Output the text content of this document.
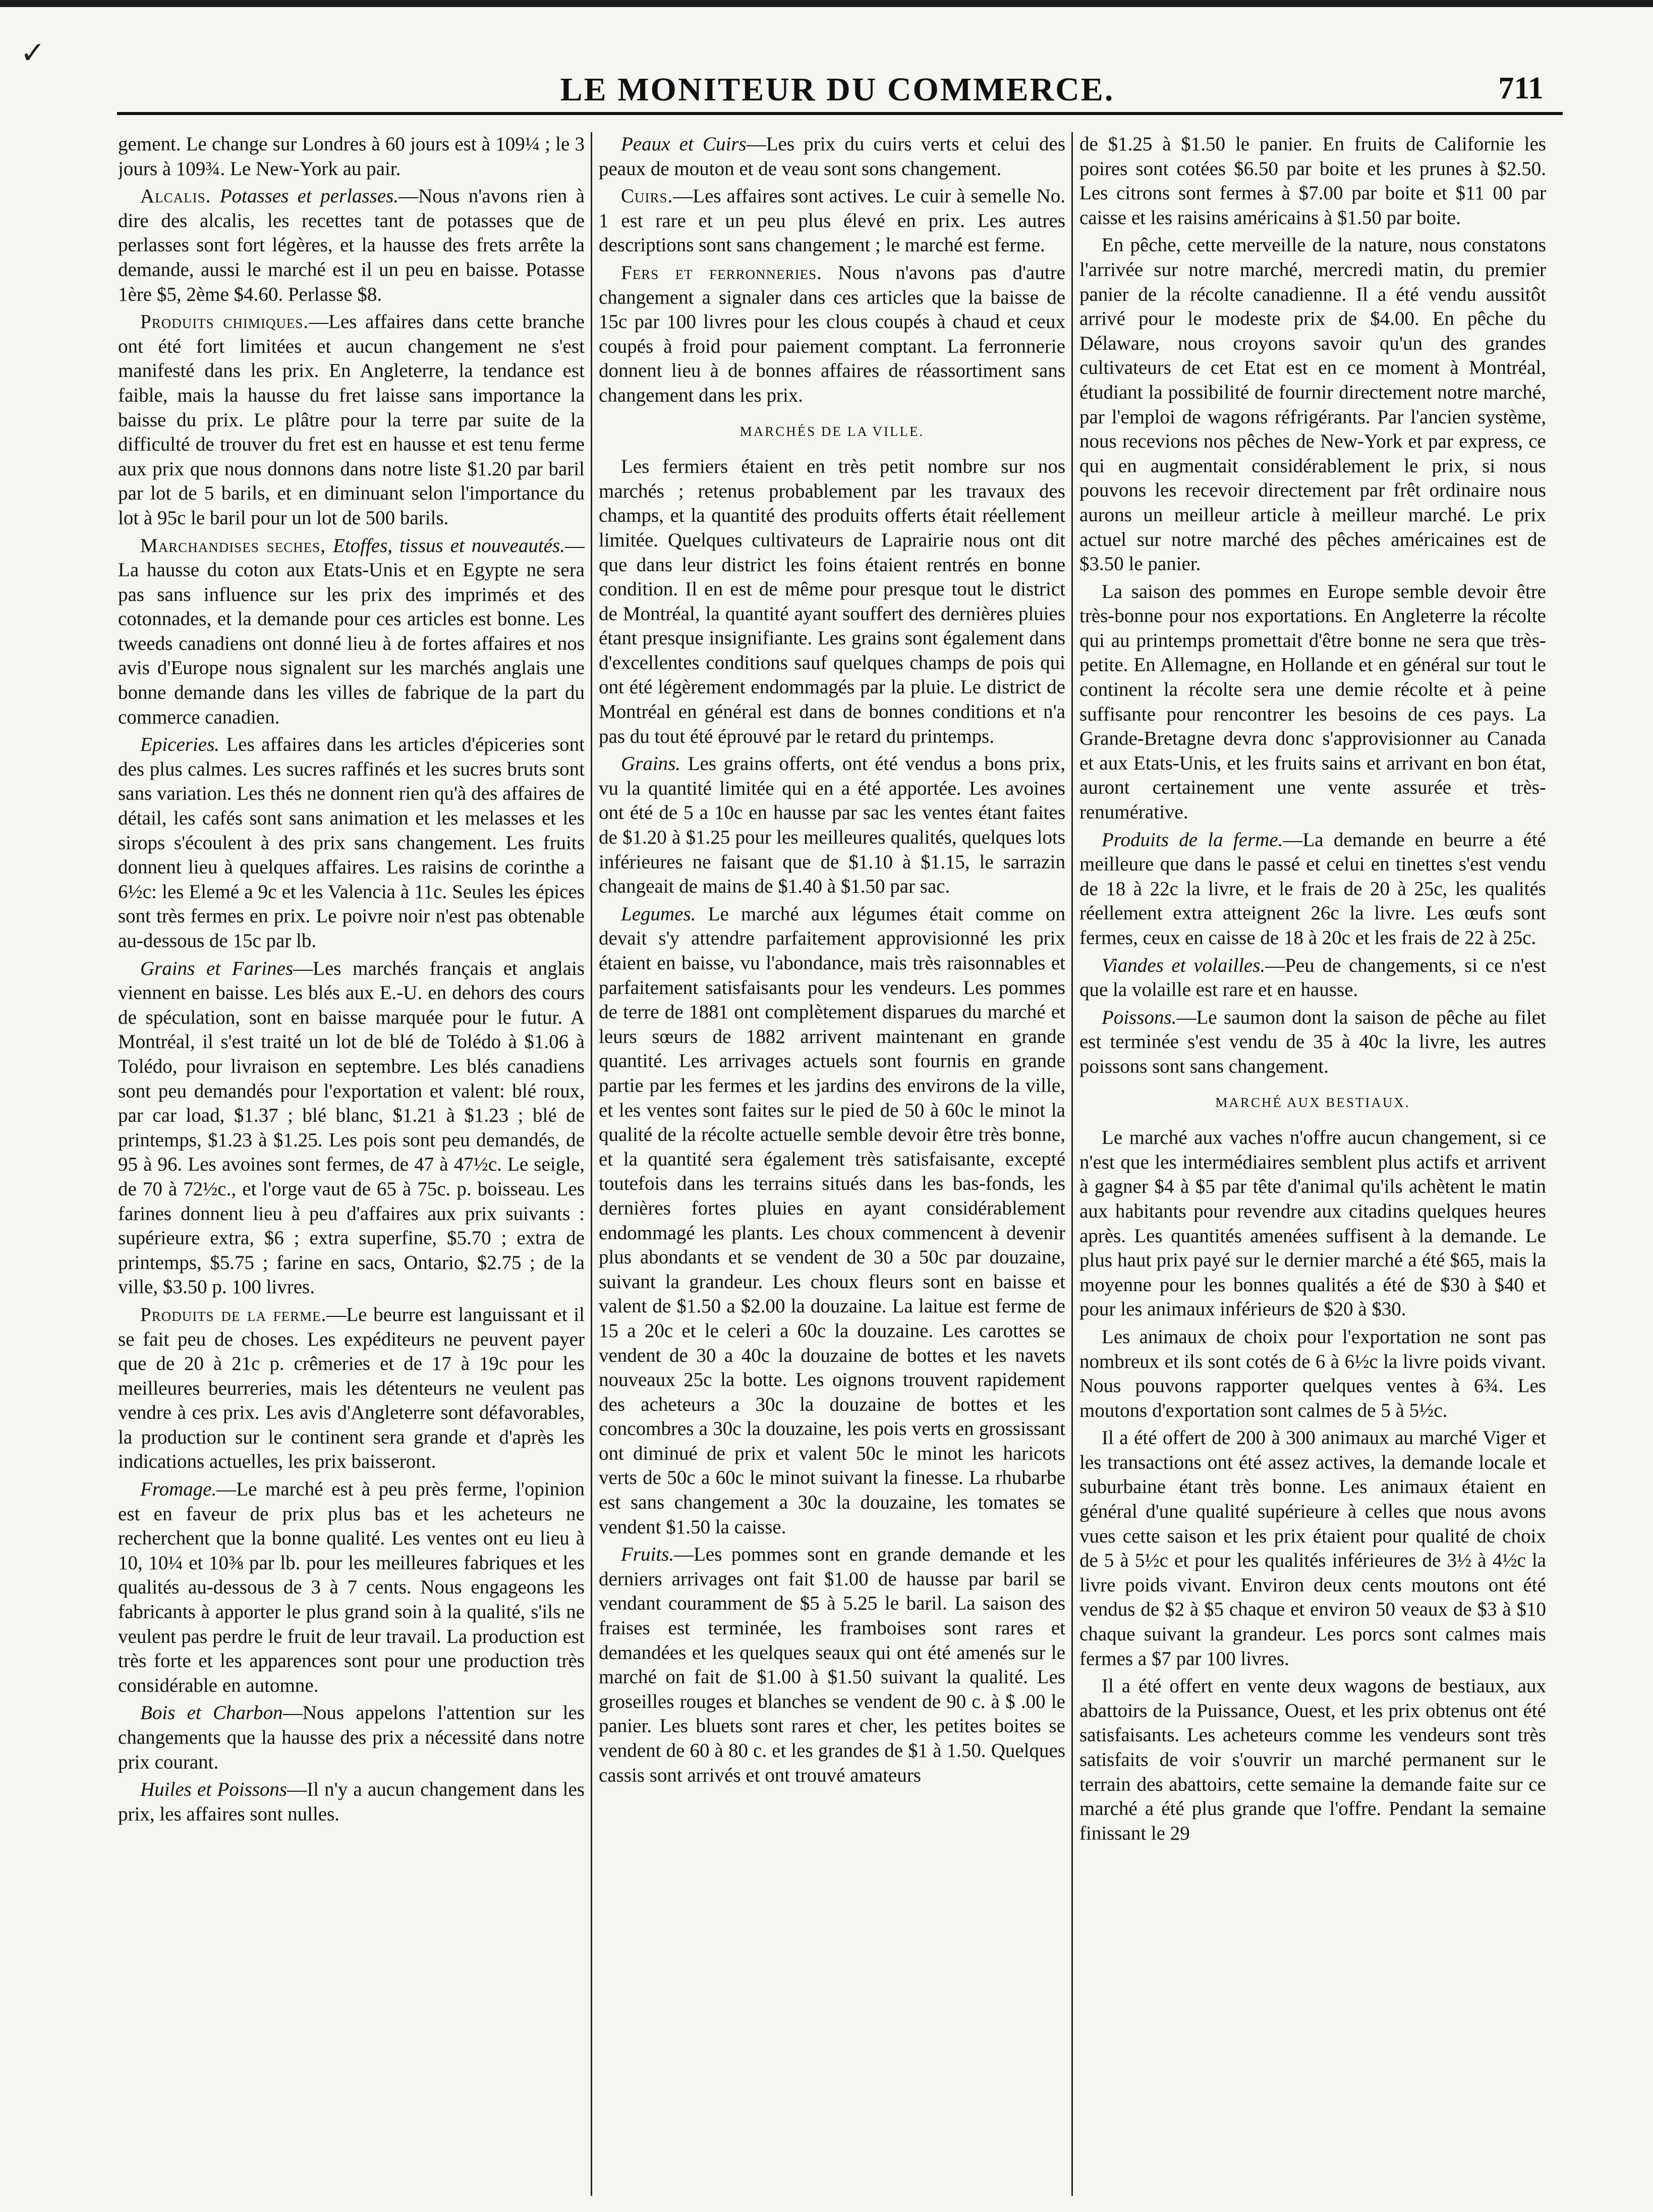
✓
LE MONITEUR DU COMMERCE.	711

gement. Le change sur Londres à 60 jours est à 109¼ ; le 3 jours à 109¾. Le New-York au pair.

Alcalis. Potasses et perlasses.—Nous n'avons rien à dire des alcalis, les recettes tant de potasses que de perlasses sont fort légères, et la hausse des frets arrête la demande, aussi le marché est il un peu en baisse. Potasse 1ère $5, 2ème $4.60. Perlasse $8.

Produits chimiques.—Les affaires dans cette branche ont été fort limitées et aucun changement ne s'est manifesté dans les prix. En Angleterre, la tendance est faible, mais la hausse du fret laisse sans importance la baisse du prix. Le plâtre pour la terre par suite de la difficulté de trouver du fret est en hausse et est tenu ferme aux prix que nous donnons dans notre liste $1.20 par baril par lot de 5 barils, et en diminuant selon l'importance du lot à 95c le baril pour un lot de 500 barils.

Marchandises seches, Etoffes, tissus et nouveautés.—La hausse du coton aux Etats-Unis et en Egypte ne sera pas sans influence sur les prix des imprimés et des cotonnades, et la demande pour ces articles est bonne. Les tweeds canadiens ont donné lieu à de fortes affaires et nos avis d'Europe nous signalent sur les marchés anglais une bonne demande dans les villes de fabrique de la part du commerce canadien.

Epiceries. Les affaires dans les articles d'épiceries sont des plus calmes. Les sucres raffinés et les sucres bruts sont sans variation. Les thés ne donnent rien qu'à des affaires de détail, les cafés sont sans animation et les melasses et les sirops s'écoulent à des prix sans changement. Les fruits donnent lieu à quelques affaires. Les raisins de corinthe a 6½c: les Elemé a 9c et les Valencia à 11c. Seules les épices sont très fermes en prix. Le poivre noir n'est pas obtenable au-dessous de 15c par lb.

Grains et Farines—Les marchés français et anglais viennent en baisse. Les blés aux E.-U. en dehors des cours de spéculation, sont en baisse marquée pour le futur. A Montréal, il s'est traité un lot de blé de Tolédo à $1.06 à Tolédo, pour livraison en septembre. Les blés canadiens sont peu demandés pour l'exportation et valent: blé roux, par car load, $1.37 ; blé blanc, $1.21 à $1.23 ; blé de printemps, $1.23 à $1.25. Les pois sont peu demandés, de 95 à 96. Les avoines sont fermes, de 47 à 47½c. Le seigle, de 70 à 72½c., et l'orge vaut de 65 à 75c. p. boisseau. Les farines donnent lieu à peu d'affaires aux prix suivants : supérieure extra, $6 ; extra superfine, $5.70 ; extra de printemps, $5.75 ; farine en sacs, Ontario, $2.75 ; de la ville, $3.50 p. 100 livres.

Produits de la ferme.—Le beurre est languissant et il se fait peu de choses. Les expéditeurs ne peuvent payer que de 20 à 21c p. crêmeries et de 17 à 19c pour les meilleures beurreries, mais les détenteurs ne veulent pas vendre à ces prix. Les avis d'Angleterre sont défavorables, la production sur le continent sera grande et d'après les indications actuelles, les prix baisseront.

Fromage.—Le marché est à peu près ferme, l'opinion est en faveur de prix plus bas et les acheteurs ne recherchent que la bonne qualité. Les ventes ont eu lieu à 10, 10¼ et 10⅜ par lb. pour les meilleures fabriques et les qualités au-dessous de 3 à 7 cents. Nous engageons les fabricants à apporter le plus grand soin à la qualité, s'ils ne veulent pas perdre le fruit de leur travail. La production est très forte et les apparences sont pour une production très considérable en automne.

Bois et Charbon—Nous appelons l'attention sur les changements que la hausse des prix a nécessité dans notre prix courant.

Huiles et Poissons—Il n'y a aucun changement dans les prix, les affaires sont nulles.

Peaux et Cuirs—Les prix du cuirs verts et celui des peaux de mouton et de veau sont sons changement.

Cuirs.—Les affaires sont actives. Le cuir à semelle No. 1 est rare et un peu plus élevé en prix. Les autres descriptions sont sans changement ; le marché est ferme.

Fers et ferronneries. Nous n'avons pas d'autre changement a signaler dans ces articles que la baisse de 15c par 100 livres pour les clous coupés à chaud et ceux coupés à froid pour paiement comptant. La ferronnerie donnent lieu à de bonnes affaires de réassortiment sans changement dans les prix.

MARCHÉS DE LA VILLE.

Les fermiers étaient en très petit nombre sur nos marchés ; retenus probablement par les travaux des champs, et la quantité des produits offerts était réellement limitée. Quelques cultivateurs de Laprairie nous ont dit que dans leur district les foins étaient rentrés en bonne condition. Il en est de même pour presque tout le district de Montréal, la quantité ayant souffert des dernières pluies étant presque insignifiante. Les grains sont également dans d'excellentes conditions sauf quelques champs de pois qui ont été légèrement endommagés par la pluie. Le district de Montréal en général est dans de bonnes conditions et n'a pas du tout été éprouvé par le retard du printemps.

Grains. Les grains offerts, ont été vendus a bons prix, vu la quantité limitée qui en a été apportée. Les avoines ont été de 5 a 10c en hausse par sac les ventes étant faites de $1.20 à $1.25 pour les meilleures qualités, quelques lots inférieures ne faisant que de $1.10 à $1.15, le sarrazin changeait de mains de $1.40 à $1.50 par sac.

Legumes. Le marché aux légumes était comme on devait s'y attendre parfaitement approvisionné les prix étaient en baisse, vu l'abondance, mais très raisonnables et parfaitement satisfaisants pour les vendeurs. Les pommes de terre de 1881 ont complètement disparues du marché et leurs sœurs de 1882 arrivent maintenant en grande quantité. Les arrivages actuels sont fournis en grande partie par les fermes et les jardins des environs de la ville, et les ventes sont faites sur le pied de 50 à 60c le minot la qualité de la récolte actuelle semble devoir être très bonne, et la quantité sera également très satisfaisante, excepté toutefois dans les terrains situés dans les bas-fonds, les dernières fortes pluies en ayant considérablement endommagé les plants. Les choux commencent à devenir plus abondants et se vendent de 30 a 50c par douzaine, suivant la grandeur. Les choux fleurs sont en baisse et valent de $1.50 a $2.00 la douzaine. La laitue est ferme de 15 a 20c et le celeri a 60c la douzaine. Les carottes se vendent de 30 a 40c la douzaine de bottes et les navets nouveaux 25c la botte. Les oignons trouvent rapidement des acheteurs a 30c la douzaine de bottes et les concombres a 30c la douzaine, les pois verts en grossissant ont diminué de prix et valent 50c le minot les haricots verts de 50c a 60c le minot suivant la finesse. La rhubarbe est sans changement a 30c la douzaine, les tomates se vendent $1.50 la caisse.

Fruits.—Les pommes sont en grande demande et les derniers arrivages ont fait $1.00 de hausse par baril se vendant couramment de $5 à 5.25 le baril. La saison des fraises est terminée, les framboises sont rares et demandées et les quelques seaux qui ont été amenés sur le marché on fait de $1.00 à $1.50 suivant la qualité. Les groseilles rouges et blanches se vendent de 90 c. à $ .00 le panier. Les bluets sont rares et cher, les petites boites se vendent de 60 à 80 c. et les grandes de $1 à 1.50. Quelques cassis sont arrivés et ont trouvé amateurs

de $1.25 à $1.50 le panier. En fruits de Californie les poires sont cotées $6.50 par boite et les prunes à $2.50. Les citrons sont fermes à $7.00 par boite et $11 00 par caisse et les raisins américains à $1.50 par boite.

En pêche, cette merveille de la nature, nous constatons l'arrivée sur notre marché, mercredi matin, du premier panier de la récolte canadienne. Il a été vendu aussitôt arrivé pour le modeste prix de $4.00. En pêche du Délaware, nous croyons savoir qu'un des grandes cultivateurs de cet Etat est en ce moment à Montréal, étudiant la possibilité de fournir directement notre marché, par l'emploi de wagons réfrigérants. Par l'ancien système, nous recevions nos pêches de New-York et par express, ce qui en augmentait considérablement le prix, si nous pouvons les recevoir directement par frêt ordinaire nous aurons un meilleur article à meilleur marché. Le prix actuel sur notre marché des pêches américaines est de $3.50 le panier.

La saison des pommes en Europe semble devoir être très-bonne pour nos exportations. En Angleterre la récolte qui au printemps promettait d'être bonne ne sera que très-petite. En Allemagne, en Hollande et en général sur tout le continent la récolte sera une demie récolte et à peine suffisante pour rencontrer les besoins de ces pays. La Grande-Bretagne devra donc s'approvisionner au Canada et aux Etats-Unis, et les fruits sains et arrivant en bon état, auront certainement une vente assurée et très-renumérative.

Produits de la ferme.—La demande en beurre a été meilleure que dans le passé et celui en tinettes s'est vendu de 18 à 22c la livre, et le frais de 20 à 25c, les qualités réellement extra atteignent 26c la livre. Les œufs sont fermes, ceux en caisse de 18 à 20c et les frais de 22 à 25c.

Viandes et volailles.—Peu de changements, si ce n'est que la volaille est rare et en hausse.

Poissons.—Le saumon dont la saison de pêche au filet est terminée s'est vendu de 35 à 40c la livre, les autres poissons sont sans changement.

MARCHÉ AUX BESTIAUX.

Le marché aux vaches n'offre aucun changement, si ce n'est que les intermédiaires semblent plus actifs et arrivent à gagner $4 à $5 par tête d'animal qu'ils achètent le matin aux habitants pour revendre aux citadins quelques heures après. Les quantités amenées suffisent à la demande. Le plus haut prix payé sur le dernier marché a été $65, mais la moyenne pour les bonnes qualités a été de $30 à $40 et pour les animaux inférieurs de $20 à $30.

Les animaux de choix pour l'exportation ne sont pas nombreux et ils sont cotés de 6 à 6½c la livre poids vivant. Nous pouvons rapporter quelques ventes à 6¾. Les moutons d'exportation sont calmes de 5 à 5½c.

Il a été offert de 200 à 300 animaux au marché Viger et les transactions ont été assez actives, la demande locale et suburbaine étant très bonne. Les animaux étaient en général d'une qualité supérieure à celles que nous avons vues cette saison et les prix étaient pour qualité de choix de 5 à 5½c et pour les qualités inférieures de 3½ à 4½c la livre poids vivant. Environ deux cents moutons ont été vendus de $2 à $5 chaque et environ 50 veaux de $3 à $10 chaque suivant la grandeur. Les porcs sont calmes mais fermes a $7 par 100 livres.

Il a été offert en vente deux wagons de bestiaux, aux abattoirs de la Puissance, Ouest, et les prix obtenus ont été satisfaisants. Les acheteurs comme les vendeurs sont très satisfaits de voir s'ouvrir un marché permanent sur le terrain des abattoirs, cette semaine la demande faite sur ce marché a été plus grande que l'offre. Pendant la semaine finissant le 29
